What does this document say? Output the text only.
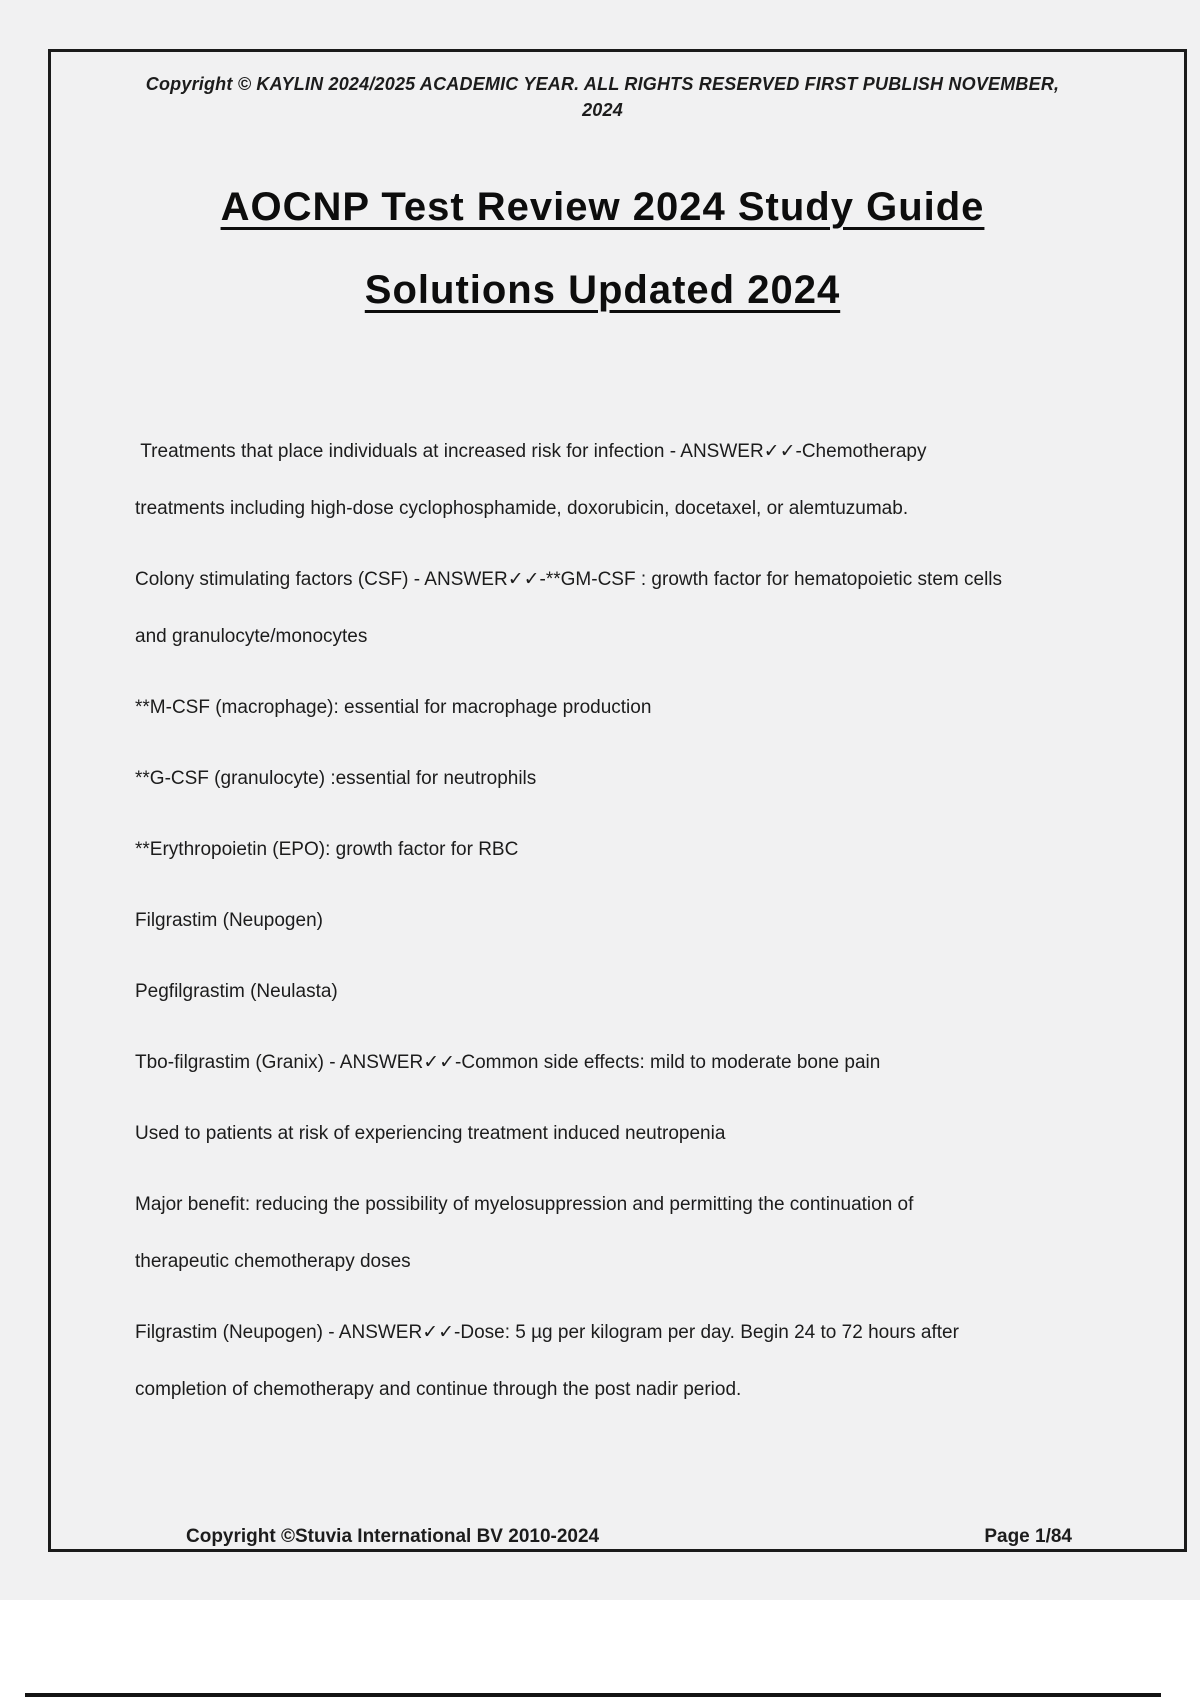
Copyright © KAYLIN 2024/2025 ACADEMIC YEAR. ALL RIGHTS RESERVED FIRST PUBLISH NOVEMBER, 2024
AOCNP Test Review 2024 Study Guide
Solutions Updated 2024

Treatments that place individuals at increased risk for infection - ANSWER✓✓-Chemotherapy
treatments including high-dose cyclophosphamide, doxorubicin, docetaxel, or alemtuzumab.

Colony stimulating factors (CSF) - ANSWER✓✓-**GM-CSF : growth factor for hematopoietic stem cells
and granulocyte/monocytes

**M-CSF (macrophage): essential for macrophage production

**G-CSF (granulocyte) :essential for neutrophils

**Erythropoietin (EPO): growth factor for RBC

Filgrastim (Neupogen)

Pegfilgrastim (Neulasta)

Tbo-filgrastim (Granix) - ANSWER✓✓-Common side effects: mild to moderate bone pain

Used to patients at risk of experiencing treatment induced neutropenia

Major benefit: reducing the possibility of myelosuppression and permitting the continuation of
therapeutic chemotherapy doses

Filgrastim (Neupogen) - ANSWER✓✓-Dose: 5 µg per kilogram per day. Begin 24 to 72 hours after
completion of chemotherapy and continue through the post nadir period.

Copyright ©Stuvia International BV 2010-2024	Page 1/84
